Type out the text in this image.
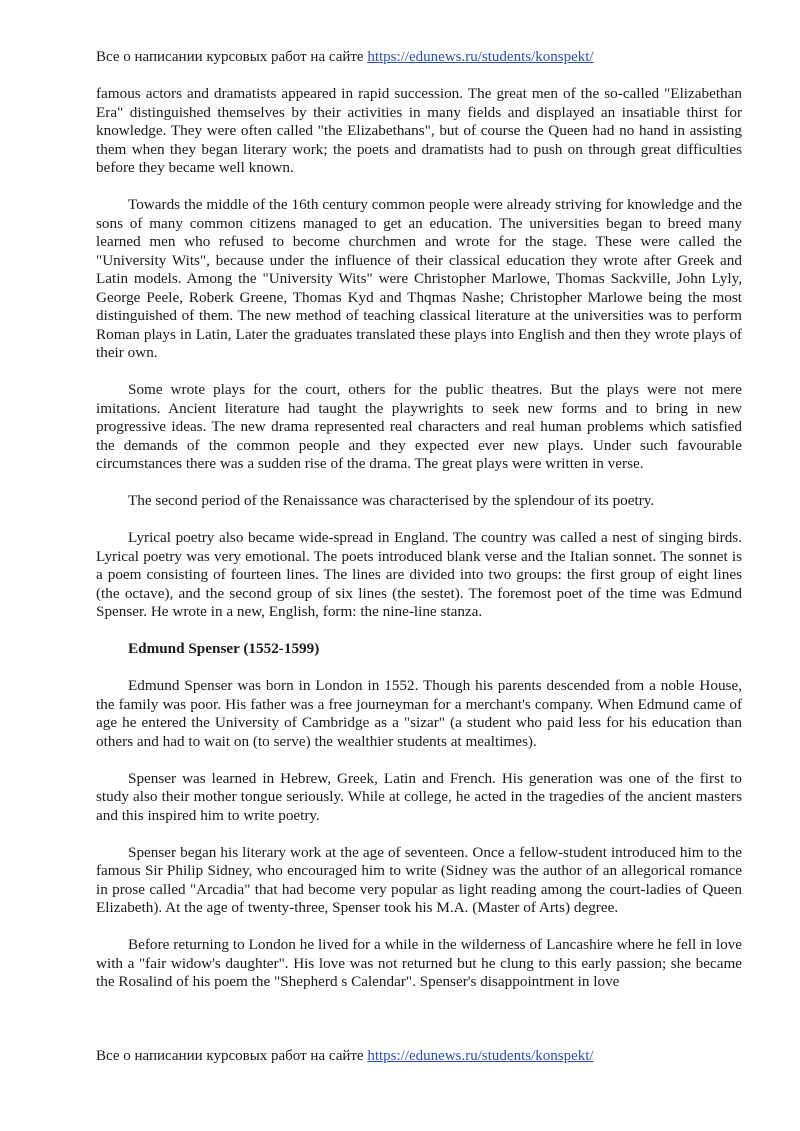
Все о написании курсовых работ на сайте https://edunews.ru/students/konspekt/

famous actors and dramatists appeared in rapid succession. The great men of the so-called "Elizabethan Era" distinguished themselves by their activities in many fields and displayed an insatiable thirst for knowledge. They were often called "the Elizabethans", but of course the Queen had no hand in assisting them when they began literary work; the poets and dramatists had to push on through great difficulties before they became well known.

Towards the middle of the 16th century common people were already striving for knowledge and the sons of many common citizens managed to get an education. The universities began to breed many learned men who refused to become churchmen and wrote for the stage. These were called the "University Wits", because under the influence of their classical education they wrote after Greek and Latin models. Among the "University Wits" were Christopher Marlowe, Thomas Sackville, John Lyly, George Peele, Roberk Greene, Thomas Kyd and Thqmas Nashe; Christopher Marlowe being the most distinguished of them. The new method of teaching classical literature at the universities was to perform Roman plays in Latin, Later the graduates translated these plays into English and then they wrote plays of their own.

Some wrote plays for the court, others for the public theatres. But the plays were not mere imitations. Ancient literature had taught the playwrights to seek new forms and to bring in new progressive ideas. The new drama represented real characters and real human problems which satisfied the demands of the common people and they expected ever new plays. Under such favourable circumstances there was a sudden rise of the drama. The great plays were written in verse.

The second period of the Renaissance was characterised by the splendour of its poetry.

Lyrical poetry also became wide-spread in England. The country was called a nest of singing birds. Lyrical poetry was very emotional. The poets introduced blank verse and the Italian sonnet. The sonnet is a poem consisting of fourteen lines. The lines are divided into two groups: the first group of eight lines (the octave), and the second group of six lines (the sestet). The foremost poet of the time was Edmund Spenser. He wrote in a new, English, form: the nine-line stanza.

Edmund Spenser (1552-1599)

Edmund Spenser was born in London in 1552. Though his parents descended from a noble House, the family was poor. His father was a free journeyman for a merchant's company. When Edmund came of age he entered the University of Cambridge as a "sizar" (a student who paid less for his education than others and had to wait on (to serve) the wealthier students at mealtimes).

Spenser was learned in Hebrew, Greek, Latin and French. His generation was one of the first to study also their mother tongue seriously. While at college, he acted in the tragedies of the ancient masters and this inspired him to write poetry.

Spenser began his literary work at the age of seventeen. Once a fellow-student introduced him to the famous Sir Philip Sidney, who encouraged him to write (Sidney was the author of an allegorical romance in prose called "Arcadia" that had become very popular as light reading among the court-ladies of Queen Elizabeth). At the age of twenty-three, Spenser took his M.A. (Master of Arts) degree.

Before returning to London he lived for a while in the wilderness of Lancashire where he fell in love with a "fair widow's daughter". His love was not returned but he clung to this early passion; she became the Rosalind of his poem the "Shepherd s Calendar". Spenser's disappointment in love

Все о написании курсовых работ на сайте https://edunews.ru/students/konspekt/
